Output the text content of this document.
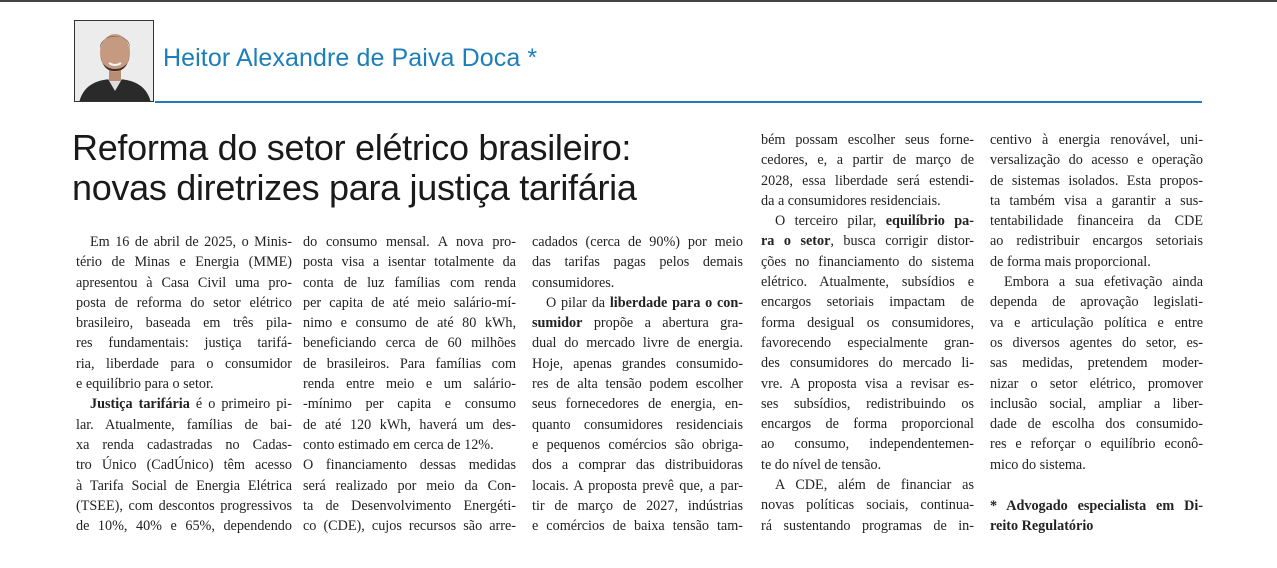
Heitor Alexandre de Paiva Doca *
Reforma do setor elétrico brasileiro:
novas diretrizes para justiça tarifária
Em 16 de abril de 2025, o Minis-
tério de Minas e Energia (MME)
apresentou à Casa Civil uma pro-
posta de reforma do setor elétrico
brasileiro, baseada em três pila-
res fundamentais: justiça tarifá-
ria, liberdade para o consumidor
e equilíbrio para o setor.
Justiça tarifária é o primeiro pi-
lar. Atualmente, famílias de bai-
xa renda cadastradas no Cadas-
tro Único (CadÚnico) têm acesso
à Tarifa Social de Energia Elétrica
(TSEE), com descontos progressivos
de 10%, 40% e 65%, dependendo
do consumo mensal. A nova pro-
posta visa a isentar totalmente da
conta de luz famílias com renda
per capita de até meio salário-mí-
nimo e consumo de até 80 kWh,
beneficiando cerca de 60 milhões
de brasileiros. Para famílias com
renda entre meio e um salário-
-mínimo per capita e consumo
de até 120 kWh, haverá um des-
conto estimado em cerca de 12%.
O financiamento dessas medidas
será realizado por meio da Con-
ta de Desenvolvimento Energéti-
co (CDE), cujos recursos são arre-
cadados (cerca de 90%) por meio
das tarifas pagas pelos demais
consumidores.
O pilar da liberdade para o con-
sumidor propõe a abertura gra-
dual do mercado livre de energia.
Hoje, apenas grandes consumido-
res de alta tensão podem escolher
seus fornecedores de energia, en-
quanto consumidores residenciais
e pequenos comércios são obriga-
dos a comprar das distribuidoras
locais. A proposta prevê que, a par-
tir de março de 2027, indústrias
e comércios de baixa tensão tam-
bém possam escolher seus forne-
cedores, e, a partir de março de
2028, essa liberdade será estendi-
da a consumidores residenciais.
O terceiro pilar, equilíbrio pa-
ra o setor, busca corrigir distor-
ções no financiamento do sistema
elétrico. Atualmente, subsídios e
encargos setoriais impactam de
forma desigual os consumidores,
favorecendo especialmente gran-
des consumidores do mercado li-
vre. A proposta visa a revisar es-
ses subsídios, redistribuindo os
encargos de forma proporcional
ao consumo, independentemen-
te do nível de tensão.
A CDE, além de financiar as
novas políticas sociais, continua-
rá sustentando programas de in-
centivo à energia renovável, uni-
versalização do acesso e operação
de sistemas isolados. Esta propos-
ta também visa a garantir a sus-
tentabilidade financeira da CDE
ao redistribuir encargos setoriais
de forma mais proporcional.
Embora a sua efetivação ainda
dependa de aprovação legislati-
va e articulação política e entre
os diversos agentes do setor, es-
sas medidas, pretendem moder-
nizar o setor elétrico, promover
inclusão social, ampliar a liber-
dade de escolha dos consumido-
res e reforçar o equilíbrio econô-
mico do sistema.
* Advogado especialista em Di-
reito Regulatório
